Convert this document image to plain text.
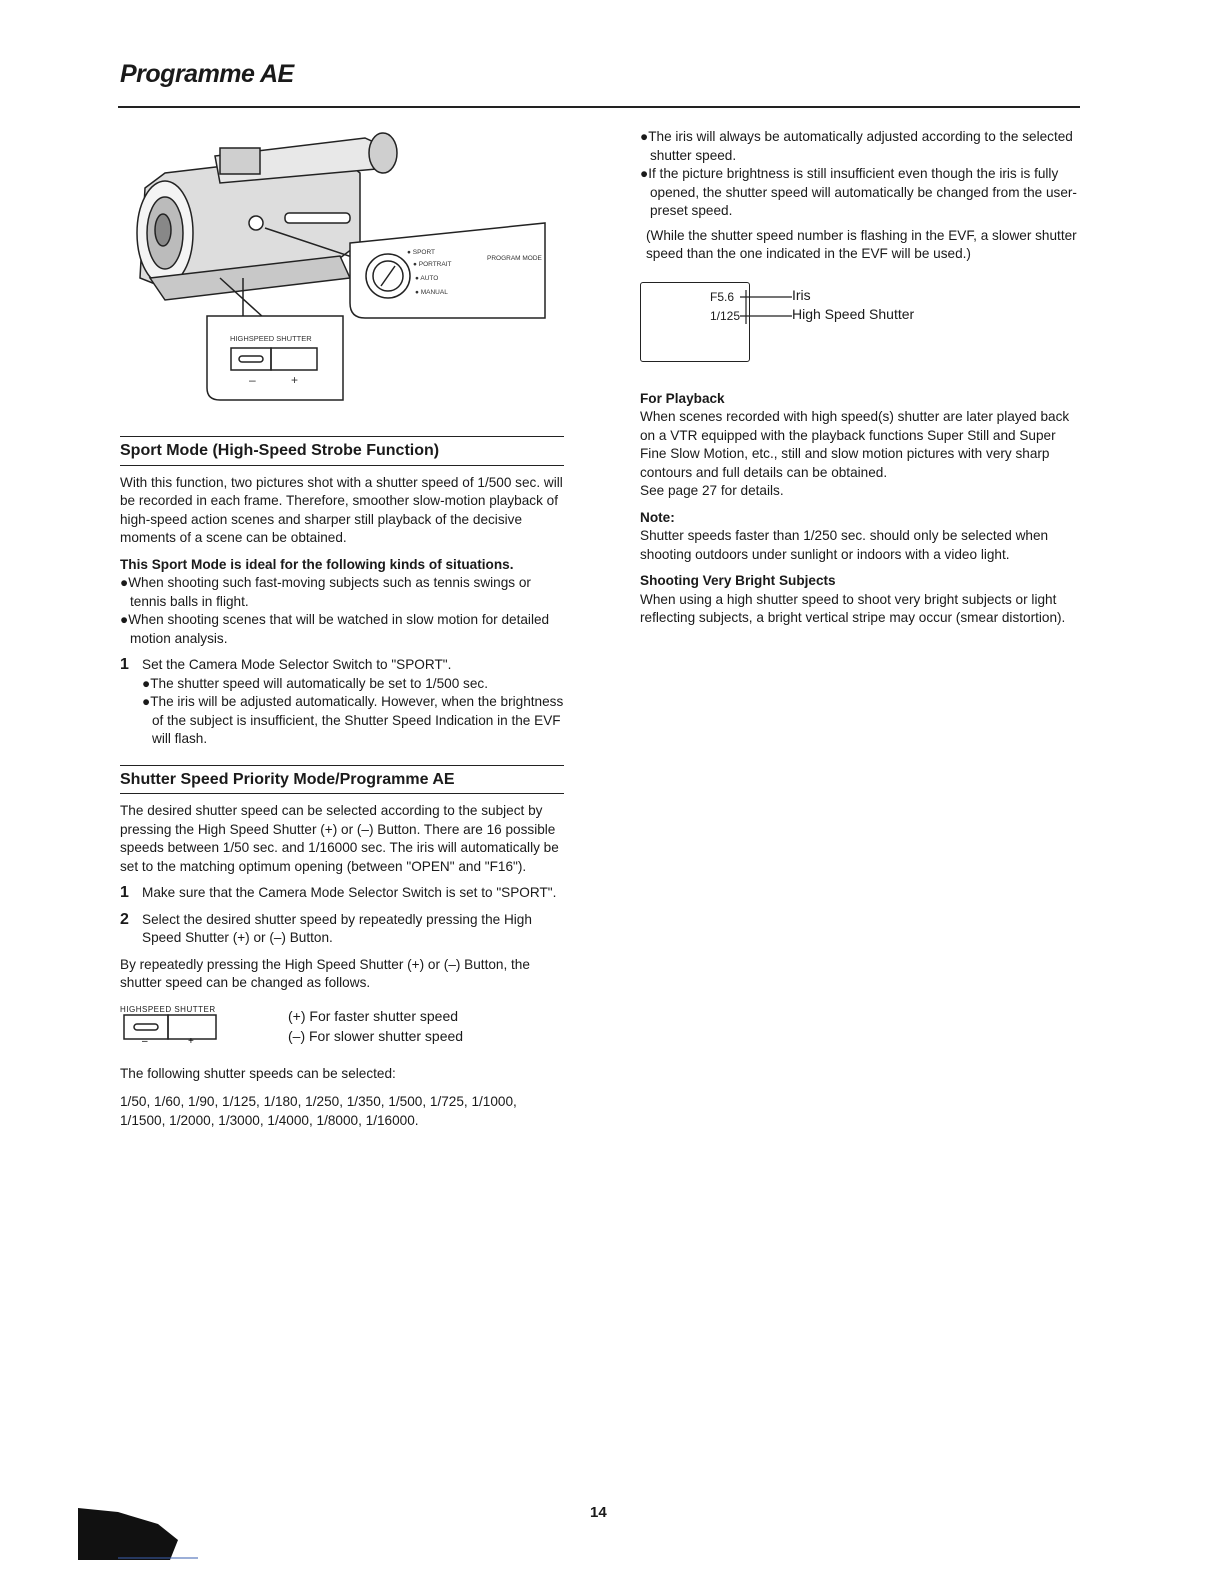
Programme AE
● SPORT
● PORTRAIT
PROGRAM MODE
● AUTO
● MANUAL
HIGHSPEED SHUTTER
–	+
Sport Mode (High-Speed Strobe Function)

With this function, two pictures shot with a shutter speed of 1/500 sec. will be recorded in each frame. Therefore, smoother slow-motion playback of high-speed action scenes and sharper still playback of the decisive moments of a scene can be obtained.

This Sport Mode is ideal for the following kinds of situations.

●When shooting such fast-moving subjects such as tennis swings or tennis balls in flight.

●When shooting scenes that will be watched in slow motion for detailed motion analysis.

1 Set the Camera Mode Selector Switch to "SPORT".

●The shutter speed will automatically be set to 1/500 sec.

●The iris will be adjusted automatically. However, when the brightness of the subject is insufficient, the Shutter Speed Indication in the EVF will flash.

Shutter Speed Priority Mode/Programme AE

The desired shutter speed can be selected according to the subject by pressing the High Speed Shutter (+) or (–) Button. There are 16 possible speeds between 1/50 sec. and 1/16000 sec. The iris will automatically be set to the matching optimum opening (between "OPEN" and "F16").

1 Make sure that the Camera Mode Selector Switch is set to "SPORT".

2 Select the desired shutter speed by repeatedly pressing the High Speed Shutter (+) or (–) Button.

By repeatedly pressing the High Speed Shutter (+) or (–) Button, the shutter speed can be changed as follows.

HIGHSPEED SHUTTER
–	+
(+) For faster shutter speed
(–) For slower shutter speed

The following shutter speeds can be selected:

1/50, 1/60, 1/90, 1/125, 1/180, 1/250, 1/350, 1/500, 1/725, 1/1000, 1/1500, 1/2000, 1/3000, 1/4000, 1/8000, 1/16000.

●The iris will always be automatically adjusted according to the selected shutter speed.

●If the picture brightness is still insufficient even though the iris is fully opened, the shutter speed will automatically be changed from the user-preset speed.

(While the shutter speed number is flashing in the EVF, a slower shutter speed than the one indicated in the EVF will be used.)

F5.6
1/125
Iris
High Speed Shutter

For Playback

When scenes recorded with high speed(s) shutter are later played back on a VTR equipped with the playback functions Super Still and Super Fine Slow Motion, etc., still and slow motion pictures with very sharp contours and full details can be obtained.

See page 27 for details.

Note:

Shutter speeds faster than 1/250 sec. should only be selected when shooting outdoors under sunlight or indoors with a video light.

Shooting Very Bright Subjects

When using a high shutter speed to shoot very bright subjects or light reflecting subjects, a bright vertical stripe may occur (smear distortion).

14
